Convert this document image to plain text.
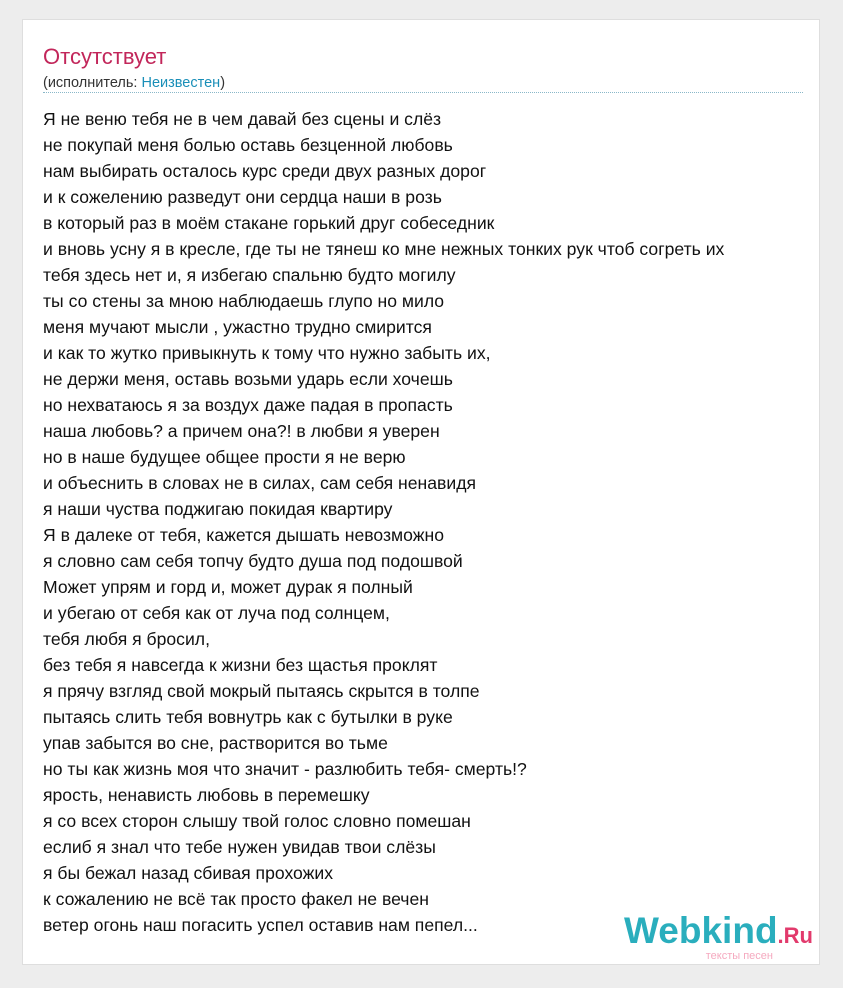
Отсутствует
(исполнитель: Неизвестен)
Я не веню тебя не в чем давай без сцены и слёз
не покупай меня болью оставь безценной любовь
нам выбирать осталось курс среди двух разных дорог
и к сожелению разведут они сердца наши в розь
в который раз в моём стакане горький друг собеседник
и вновь усну я в кресле, где ты не тянеш ко мне нежных тонких рук чтоб согреть их
тебя здесь нет и, я избегаю спальню будто могилу
ты со стены за мною наблюдаешь глупо но мило
меня мучают мысли , ужастно трудно смирится
и как то жутко привыкнуть к тому что нужно забыть их,
не держи меня, оставь возьми ударь если хочешь
но нехватаюсь я за воздух даже падая в пропасть
наша любовь? а причем она?! в любви я уверен
но в наше будущее общее прости я не верю
и объеснить в словах не в силах, сам себя ненавидя
я наши чуства поджигаю покидая квартиру
Я в далеке от тебя, кажется дышать невозможно
я словно сам себя топчу будто душа под подошвой
Может упрям и горд и, может дурак я полный
и убегаю от себя как от луча под солнцем,
тебя любя я бросил,
без тебя я навсегда к жизни без щастья проклят
я прячу взгляд свой мокрый пытаясь скрытся в толпе
пытаясь слить тебя вовнутрь как с бутылки в руке
упав забытся во сне, растворится во тьме
но ты как жизнь моя что значит - разлюбить тебя- смерть!?
ярость, ненависть любовь в перемешку
я со всех сторон слышу твой голос словно помешан
еслиб я знал что тебе нужен увидав твои слёзы
я бы бежал назад сбивая прохожих
к сожалению не всё так просто факел не вечен
ветер огонь наш погасить успел оставив нам пепел...	Webkind.Ru
тексты песен
